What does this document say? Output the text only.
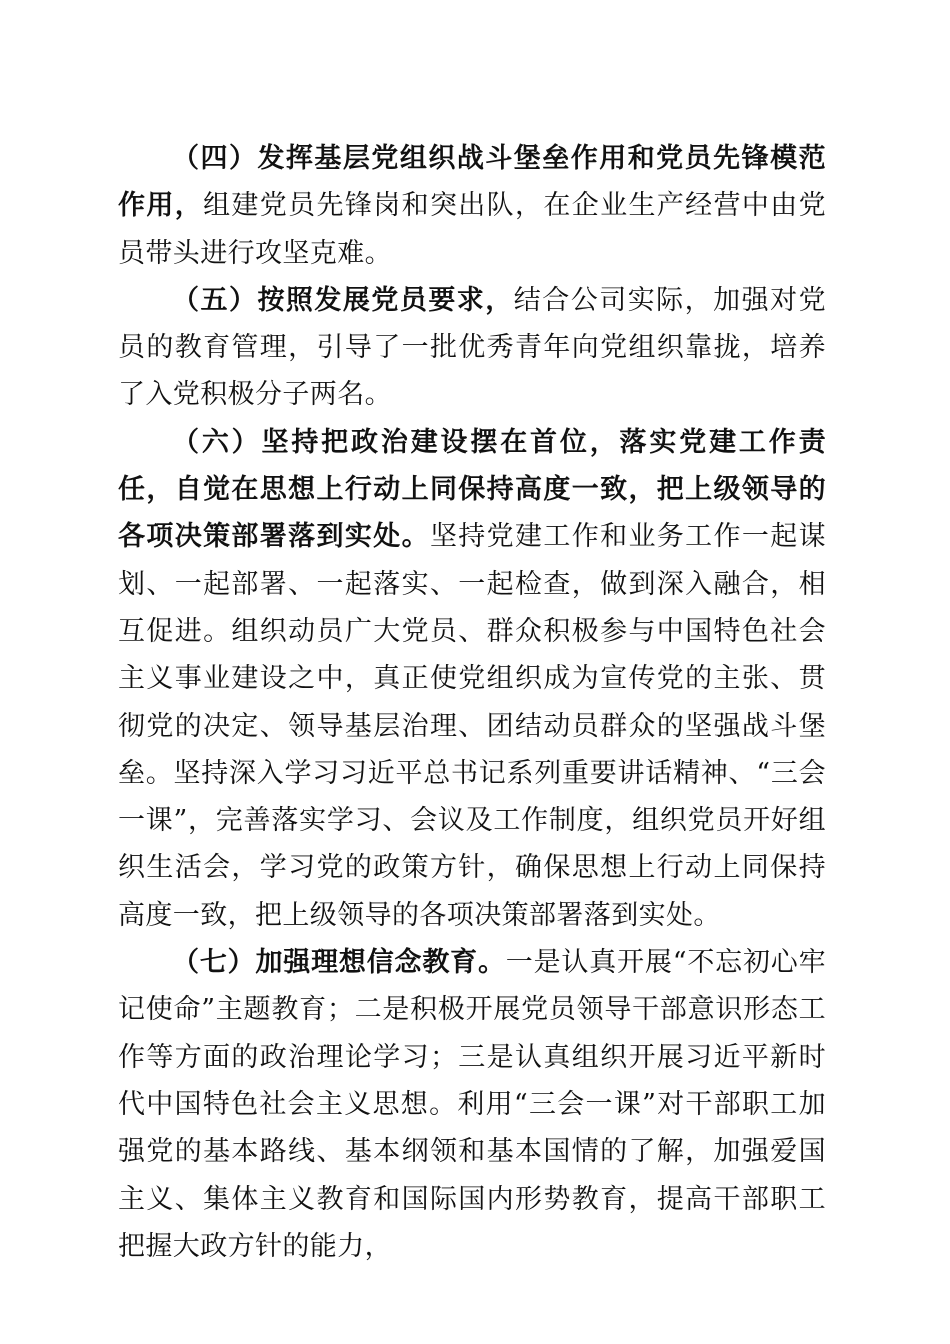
（四）发挥基层党组织战斗堡垒作用和党员先锋模范作用，组建党员先锋岗和突出队，在企业生产经营中由党员带头进行攻坚克难。

（五）按照发展党员要求，结合公司实际，加强对党员的教育管理，引导了一批优秀青年向党组织靠拢，培养了入党积极分子两名。

（六）坚持把政治建设摆在首位，落实党建工作责任，自觉在思想上行动上同保持高度一致，把上级领导的各项决策部署落到实处。坚持党建工作和业务工作一起谋划、一起部署、一起落实、一起检查，做到深入融合，相互促进。组织动员广大党员、群众积极参与中国特色社会主义事业建设之中，真正使党组织成为宣传党的主张、贯彻党的决定、领导基层治理、团结动员群众的坚强战斗堡垒。坚持深入学习习近平总书记系列重要讲话精神、“三会一课”，完善落实学习、会议及工作制度，组织党员开好组织生活会，学习党的政策方针，确保思想上行动上同保持高度一致，把上级领导的各项决策部署落到实处。

（七）加强理想信念教育。一是认真开展“不忘初心牢记使命”主题教育；二是积极开展党员领导干部意识形态工作等方面的政治理论学习；三是认真组织开展习近平新时代中国特色社会主义思想。利用“三会一课”对干部职工加强党的基本路线、基本纲领和基本国情的了解，加强爱国主义、集体主义教育和国际国内形势教育，提高干部职工把握大政方针的能力，
